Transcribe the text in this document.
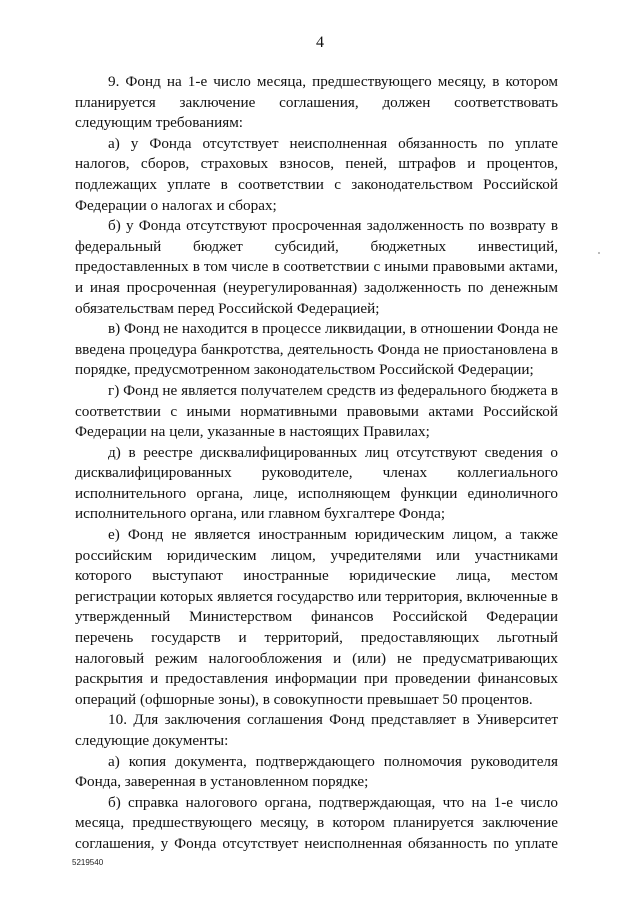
4

9. Фонд на 1-е число месяца, предшествующего месяцу, в котором планируется заключение соглашения, должен соответствовать следующим требованиям:

а) у Фонда отсутствует неисполненная обязанность по уплате налогов, сборов, страховых взносов, пеней, штрафов и процентов, подлежащих уплате в соответствии с законодательством Российской Федерации о налогах и сборах;

б) у Фонда отсутствуют просроченная задолженность по возврату в федеральный бюджет субсидий, бюджетных инвестиций, предоставленных в том числе в соответствии с иными правовыми актами, и иная просроченная (неурегулированная) задолженность по денежным обязательствам перед Российской Федерацией;

в) Фонд не находится в процессе ликвидации, в отношении Фонда не введена процедура банкротства, деятельность Фонда не приостановлена в порядке, предусмотренном законодательством Российской Федерации;

г) Фонд не является получателем средств из федерального бюджета в соответствии с иными нормативными правовыми актами Российской Федерации на цели, указанные в настоящих Правилах;

д) в реестре дисквалифицированных лиц отсутствуют сведения о дисквалифицированных руководителе, членах коллегиального исполнительного органа, лице, исполняющем функции единоличного исполнительного органа, или главном бухгалтере Фонда;

е) Фонд не является иностранным юридическим лицом, а также российским юридическим лицом, учредителями или участниками которого выступают иностранные юридические лица, местом регистрации которых является государство или территория, включенные в утвержденный Министерством финансов Российской Федерации перечень государств и территорий, предоставляющих льготный налоговый режим налогообложения и (или) не предусматривающих раскрытия и предоставления информации при проведении финансовых операций (офшорные зоны), в совокупности превышает 50 процентов.

10. Для заключения соглашения Фонд представляет в Университет следующие документы:

а) копия документа, подтверждающего полномочия руководителя Фонда, заверенная в установленном порядке;

б) справка налогового органа, подтверждающая, что на 1-е число месяца, предшествующего месяцу, в котором планируется заключение соглашения, у Фонда отсутствует неисполненная обязанность по уплате

5219540
